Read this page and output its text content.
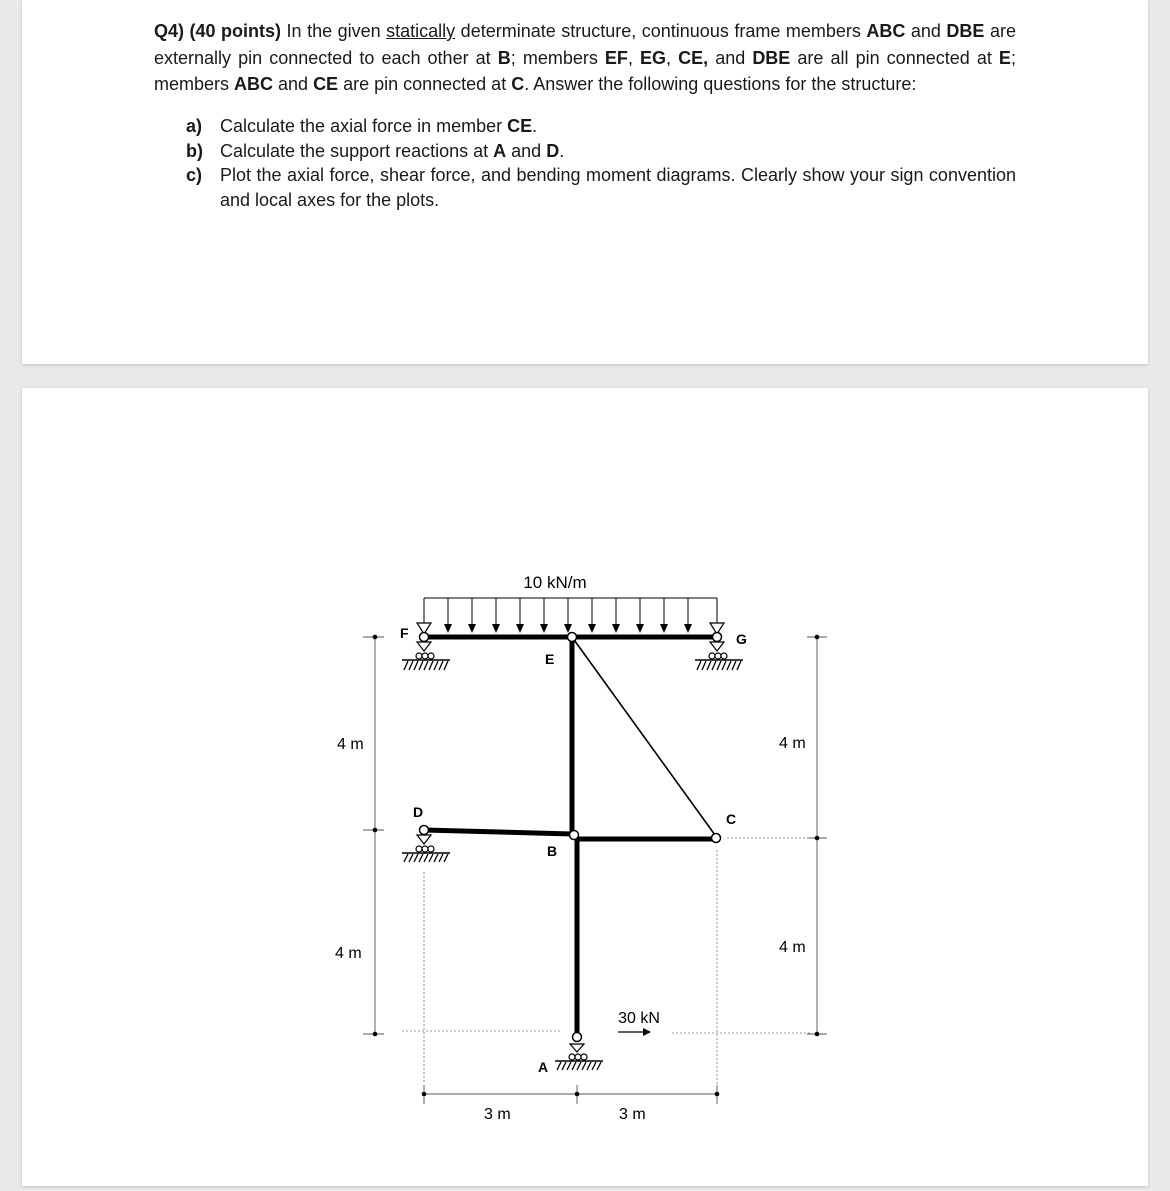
Q4) (40 points) In the given statically determinate structure, continuous frame members ABC and DBE are externally pin connected to each other at B; members EF, EG, CE, and DBE are all pin connected at E; members ABC and CE are pin connected at C. Answer the following questions for the structure:

a) Calculate the axial force in member CE.
b) Calculate the support reactions at A and D.
c) Plot the axial force, shear force, and bending moment diagrams. Clearly show your sign convention and local axes for the plots.
10 kN/m
F
E
G
D
B
C
A
30 kN
4 m
4 m
4 m
4 m
3 m	3 m
